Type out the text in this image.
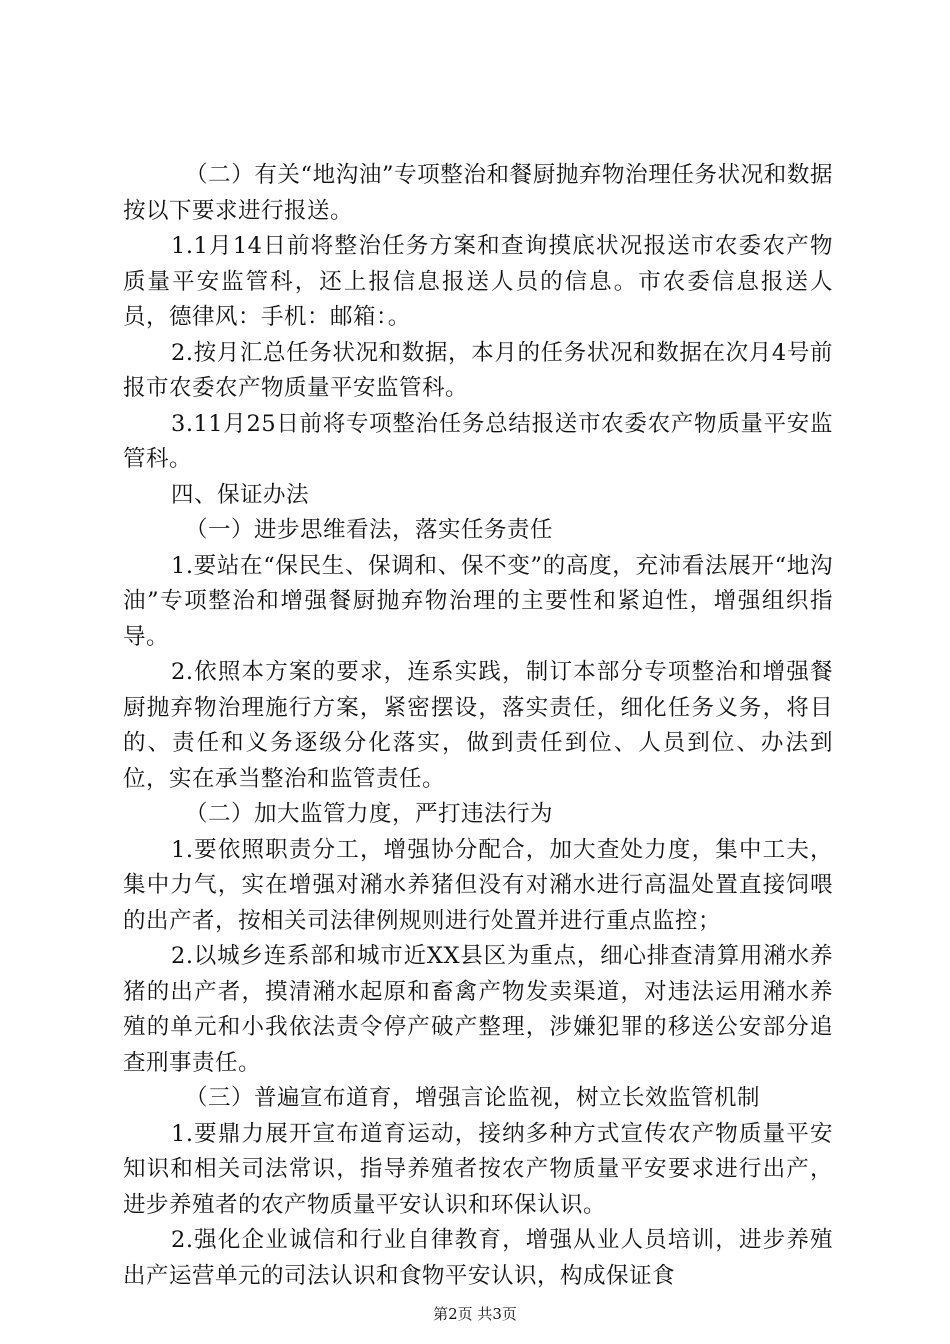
（二）有关“地沟油”专项整治和餐厨抛弃物治理任务状况和数据按以下要求进行报送。

1.1月14日前将整治任务方案和查询摸底状况报送市农委农产物质量平安监管科，还上报信息报送人员的信息。市农委信息报送人员，德律风：手机：邮箱：。

2.按月汇总任务状况和数据，本月的任务状况和数据在次月4号前报市农委农产物质量平安监管科。

3.11月25日前将专项整治任务总结报送市农委农产物质量平安监管科。

四、保证办法

（一）进步思维看法，落实任务责任

1.要站在“保民生、保调和、保不变”的高度，充沛看法展开“地沟油”专项整治和增强餐厨抛弃物治理的主要性和紧迫性，增强组织指导。

2.依照本方案的要求，连系实践，制订本部分专项整治和增强餐厨抛弃物治理施行方案，紧密摆设，落实责任，细化任务义务，将目的、责任和义务逐级分化落实，做到责任到位、人员到位、办法到位，实在承当整治和监管责任。

（二）加大监管力度，严打违法行为

1.要依照职责分工，增强协分配合，加大查处力度，集中工夫，集中力气，实在增强对潲水养猪但没有对潲水进行高温处置直接饲喂的出产者，按相关司法律例规则进行处置并进行重点监控；

2.以城乡连系部和城市近XX县区为重点，细心排查清算用潲水养猪的出产者，摸清潲水起原和畜禽产物发卖渠道，对违法运用潲水养殖的单元和小我依法责令停产破产整理，涉嫌犯罪的移送公安部分追查刑事责任。

（三）普遍宣布道育，增强言论监视，树立长效监管机制

1.要鼎力展开宣布道育运动，接纳多种方式宣传农产物质量平安知识和相关司法常识，指导养殖者按农产物质量平安要求进行出产，进步养殖者的农产物质量平安认识和环保认识。

2.强化企业诚信和行业自律教育，增强从业人员培训，进步养殖出产运营单元的司法认识和食物平安认识，构成保证食

第2页 共3页
